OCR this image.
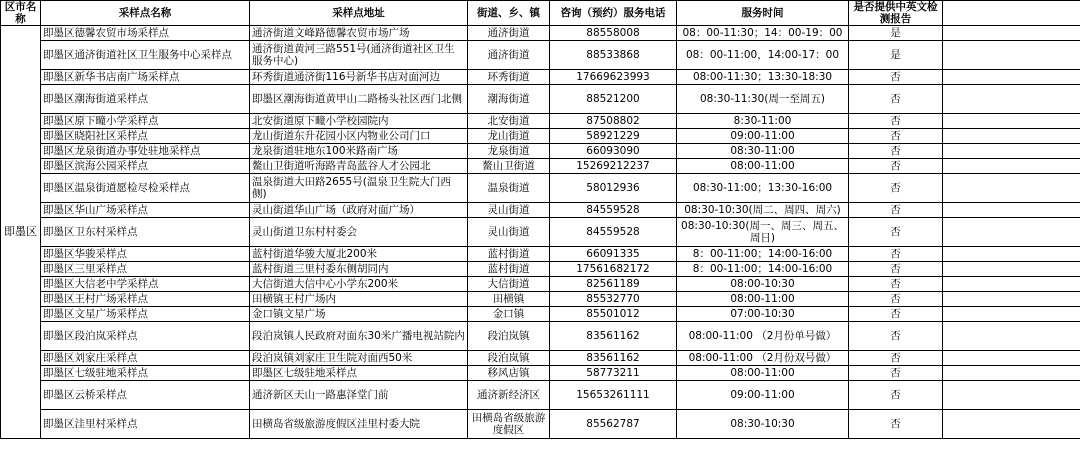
区市名称	采样点名称	采样点地址	街道、乡、镇	咨询（预约）服务电话	服务时间	是否提供中英文检测报告	
即墨区	即墨区德馨农贸市场采样点	通济街道文峰路德馨农贸市场广场	通济街道	88558008	08：00-11:30；14：00-19：00	是	
	即墨区通济街道社区卫生服务中心采样点	通济街道黄河三路551号(通济街道社区卫生服务中心)	通济街道	88533868	08：00-11:00，14:00-17：00	是	
	即墨区新华书店南广场采样点	环秀街道通济街116号新华书店对面河边	环秀街道	17669623993	08:00-11:30；13:30-18:30	否	
	即墨区潮海街道采样点	即墨区潮海街道黄甲山二路杨头社区西门北侧	潮海街道	88521200	08:30-11:30(周一至周五)	否	
	即墨区原下疃小学采样点	北安街道原下疃小学校园院内	北安街道	87508802	8:30-11:00	否	
	即墨区晓阳社区采样点	龙山街道东升花园小区内物业公司门口	龙山街道	58921229	09:00-11:00	否	
	即墨区龙泉街道办事处驻地采样点	龙泉街道驻地东100米路南广场	龙泉街道	66093090	08:30-11:00	否	
	即墨区滨海公园采样点	鳌山卫街道听海路青岛蓝谷人才公园北	鳌山卫街道	15269212237	08:00-11:00	否	
	即墨区温泉街道愿检尽检采样点	温泉街道大田路2655号(温泉卫生院大门西侧)	温泉街道	58012936	08:30-11:00；13:30-16:00	否	
	即墨区华山广场采样点	灵山街道华山广场（政府对面广场）	灵山街道	84559528	08:30-10:30(周二、周四、周六)	否	
	即墨区卫东村采样点	灵山街道卫东村村委会	灵山街道	84559528	08:30-10:30(周一、周三、周五、周日)	否	
	即墨区华骏采样点	蓝村街道华骏大厦北200米	蓝村街道	66091335	8：00-11:00；14:00-16:00	否	
	即墨区三里采样点	蓝村街道三里村委东侧胡同内	蓝村街道	17561682172	8：00-11:00；14:00-16:00	否	
	即墨区大信老中学采样点	大信街道大信中心小学东200米	大信街道	82561189	08:00-10:30	否	
	即墨区王村广场采样点	田横镇王村广场内	田横镇	85532770	08:00-11:00	否	
	即墨区文星广场采样点	金口镇文星广场	金口镇	85501012	07:00-10:30	否	
	即墨区段泊岚采样点	段泊岚镇人民政府对面东30米广播电视站院内	段泊岚镇	83561162	08:00-11:00 （2月份单号做）	否	
	即墨区刘家庄采样点	段泊岚镇刘家庄卫生院对面西50米	段泊岚镇	83561162	08:00-11:00 （2月份双号做）	否	
	即墨区七级驻地采样点	即墨区七级驻地采样点	移风店镇	58773211	08:00-11:00	否	
	即墨区云桥采样点	通济新区天山一路惠泽堂门前	通济新经济区	15653261111	09:00-11:00	否	
	即墨区洼里村采样点	田横岛省级旅游度假区洼里村委大院	田横岛省级旅游度假区	85562787	08:30-10:30	否	
